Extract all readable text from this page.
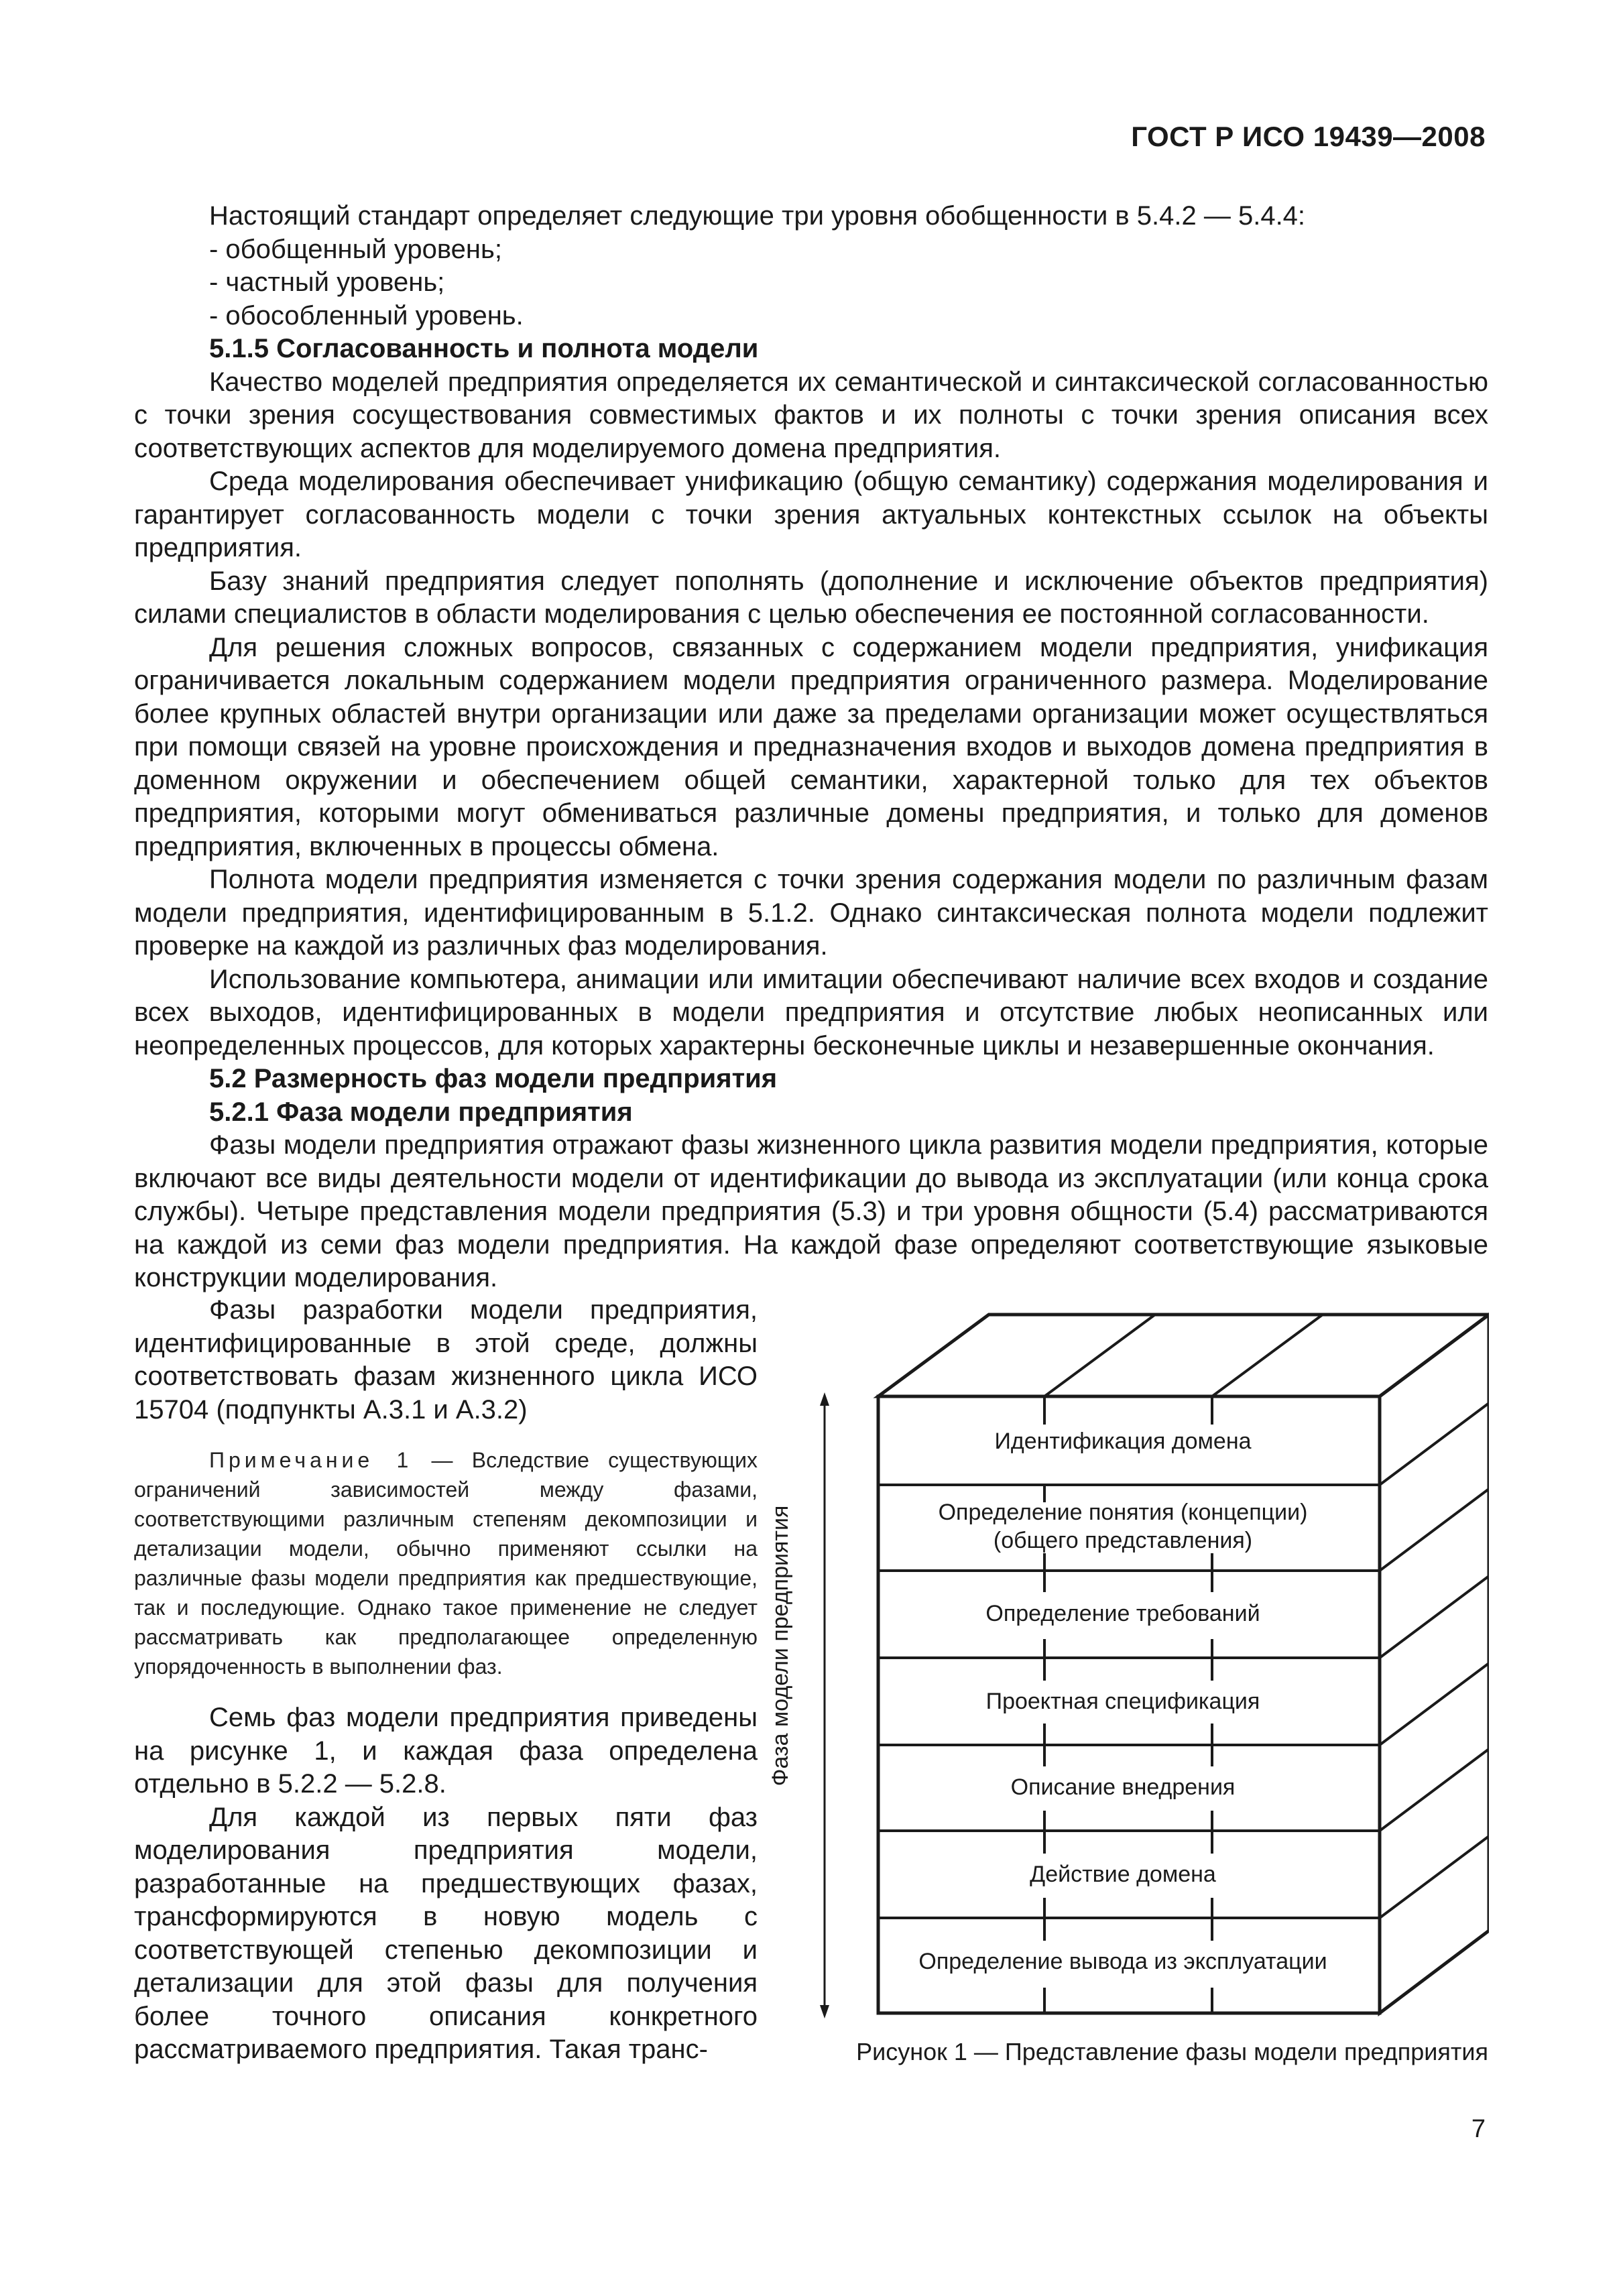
ГОСТ Р ИСО 19439—2008

Настоящий стандарт определяет следующие три уровня обобщенности в 5.4.2 — 5.4.4:

- обобщенный уровень;

- частный уровень;

- обособленный уровень.

5.1.5 Согласованность и полнота модели

Качество моделей предприятия определяется их семантической и синтаксической согласованностью с точки зрения сосуществования совместимых фактов и их полноты с точки зрения описания всех соответствующих аспектов для моделируемого домена предприятия.

Среда моделирования обеспечивает унификацию (общую семантику) содержания моделирования и гарантирует согласованность модели с точки зрения актуальных контекстных ссылок на объекты предприятия.

Базу знаний предприятия следует пополнять (дополнение и исключение объектов предприятия) силами специалистов в области моделирования с целью обеспечения ее постоянной согласованности.

Для решения сложных вопросов, связанных с содержанием модели предприятия, унификация ограничивается локальным содержанием модели предприятия ограниченного размера. Моделирование более крупных областей внутри организации или даже за пределами организации может осуществляться при помощи связей на уровне происхождения и предназначения входов и выходов домена предприятия в доменном окружении и обеспечением общей семантики, характерной только для тех объектов предприятия, которыми могут обмениваться различные домены предприятия, и только для доменов предприятия, включенных в процессы обмена.

Полнота модели предприятия изменяется с точки зрения содержания модели по различным фазам модели предприятия, идентифицированным в 5.1.2. Однако синтаксическая полнота модели подлежит проверке на каждой из различных фаз моделирования.

Использование компьютера, анимации или имитации обеспечивают наличие всех входов и создание всех выходов, идентифицированных в модели предприятия и отсутствие любых неописанных или неопределенных процессов, для которых характерны бесконечные циклы и незавершенные окончания.

5.2 Размерность фаз модели предприятия
5.2.1 Фаза модели предприятия

Фазы модели предприятия отражают фазы жизненного цикла развития модели предприятия, которые включают все виды деятельности модели от идентификации до вывода из эксплуатации (или конца срока службы). Четыре представления модели предприятия (5.3) и три уровня общности (5.4) рассматриваются на каждой из семи фаз модели предприятия. На каждой фазе определяют соответствующие языковые конструкции моделирования.

Фазы разработки модели предприятия, идентифицированные в этой среде, должны соответствовать фазам жизненного цикла ИСО 15704 (подпункты А.3.1 и А.3.2)

Примечание 1 — Вследствие существующих ограничений зависимостей между фазами, соответствующими различным степеням декомпозиции и детализации модели, обычно применяют ссылки на различные фазы модели предприятия как предшествующие, так и последующие. Однако такое применение не следует рассматривать как предполагающее определенную упорядоченность в выполнении фаз.

Семь фаз модели предприятия приведены на рисунке 1, и каждая фаза определена отдельно в 5.2.2 — 5.2.8.

Для каждой из первых пяти фаз моделирования предприятия модели, разработанные на предшествующих фазах, трансформируются в новую модель с соответствующей степенью декомпозиции и детализации для этой фазы для получения более точного описания конкретного рассматриваемого предприятия. Такая транс-

Фаза модели предприятия
Идентификация домена
Определение понятия (концепции)
(общего представления)
Определение требований
Проектная спецификация
Описание внедрения
Действие домена
Определение вывода из эксплуатации
Рисунок 1 — Представление фазы модели предприятия
7
